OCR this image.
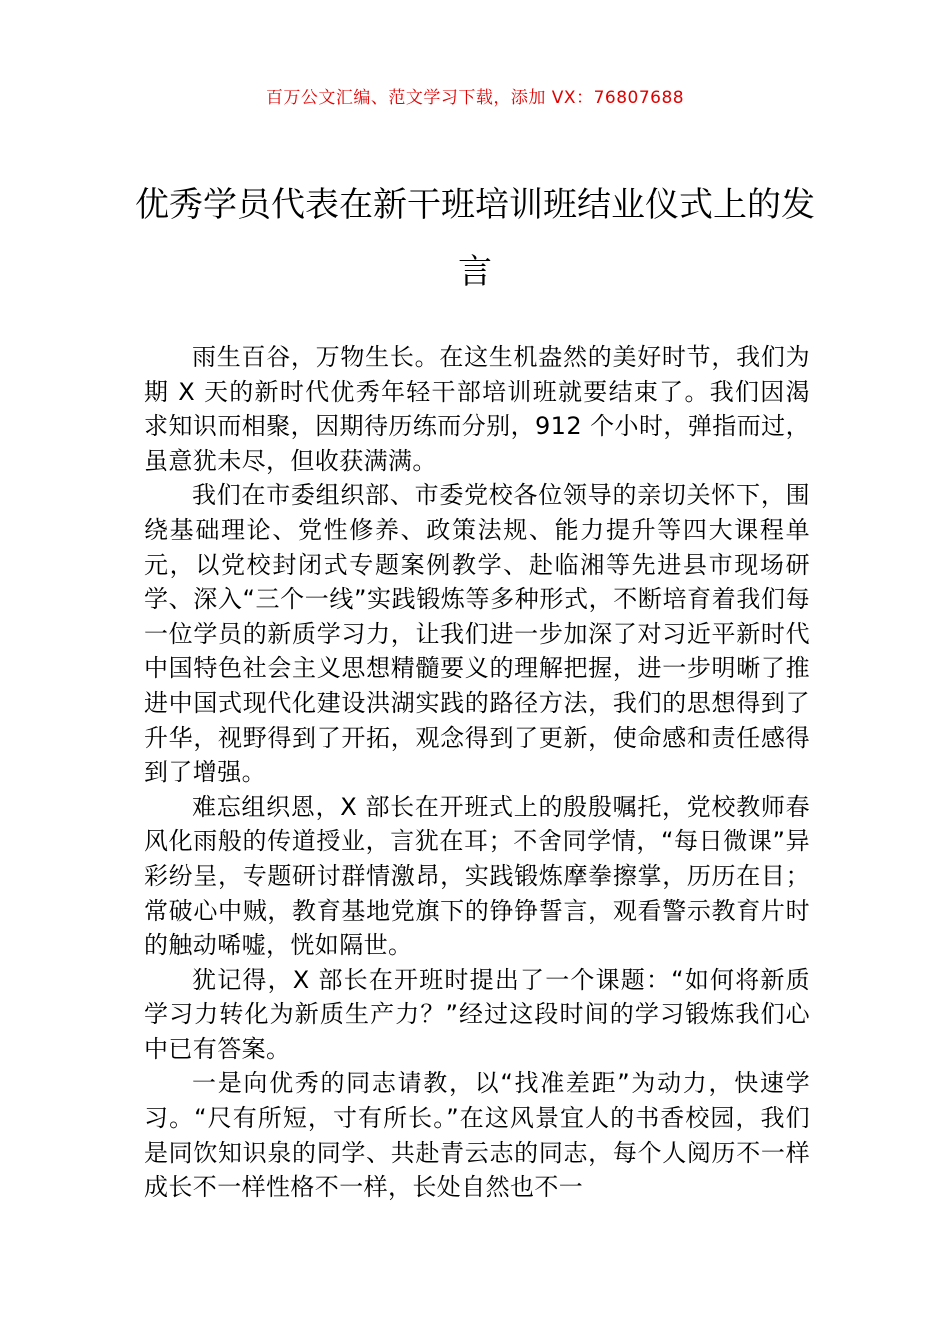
百万公文汇编、范文学习下载，添加 VX：76807688
优秀学员代表在新干班培训班结业仪式上的发言

雨生百谷，万物生长。在这生机盎然的美好时节，我们为期 X 天的新时代优秀年轻干部培训班就要结束了。我们因渴求知识而相聚，因期待历练而分别，912 个小时，弹指而过，虽意犹未尽，但收获满满。

我们在市委组织部、市委党校各位领导的亲切关怀下，围绕基础理论、党性修养、政策法规、能力提升等四大课程单元，以党校封闭式专题案例教学、赴临湘等先进县市现场研学、深入“三个一线”实践锻炼等多种形式，不断培育着我们每一位学员的新质学习力，让我们进一步加深了对习近平新时代中国特色社会主义思想精髓要义的理解把握，进一步明晰了推进中国式现代化建设洪湖实践的路径方法，我们的思想得到了升华，视野得到了开拓，观念得到了更新，使命感和责任感得到了增强。

难忘组织恩，X 部长在开班式上的殷殷嘱托，党校教师春风化雨般的传道授业，言犹在耳；不舍同学情，“每日微课”异彩纷呈，专题研讨群情激昂，实践锻炼摩拳擦掌，历历在目；常破心中贼，教育基地党旗下的铮铮誓言，观看警示教育片时的触动唏嘘，恍如隔世。

犹记得，X 部长在开班时提出了一个课题：“如何将新质学习力转化为新质生产力？”经过这段时间的学习锻炼我们心中已有答案。

一是向优秀的同志请教，以“找准差距”为动力，快速学习。“尺有所短，寸有所长。”在这风景宜人的书香校园，我们是同饮知识泉的同学、共赴青云志的同志，每个人阅历不一样成长不一样性格不一样，长处自然也不一
